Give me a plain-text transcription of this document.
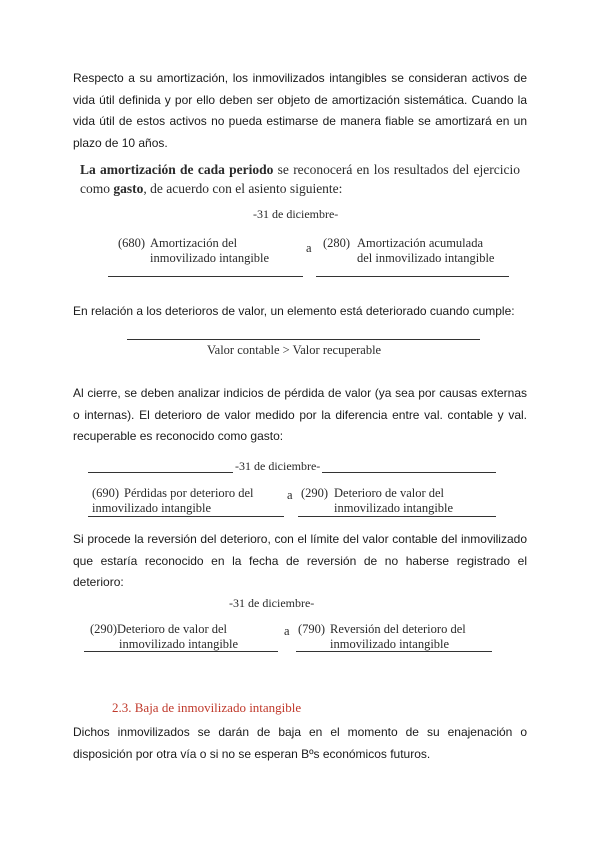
Respecto a su amortización, los inmovilizados intangibles se consideran activos de vida útil definida y por ello deben ser objeto de amortización sistemática. Cuando la vida útil de estos activos no pueda estimarse de manera fiable se amortizará en un plazo de 10 años.

La amortización de cada periodo se reconocerá en los resultados del ejercicio como gasto, de acuerdo con el asiento siguiente:
-31 de diciembre-
(680) Amortización del
inmovilizado intangible
a (280) Amortización acumulada
del inmovilizado intangible

En relación a los deterioros de valor, un elemento está deteriorado cuando cumple:

Valor contable > Valor recuperable

Al cierre, se deben analizar indicios de pérdida de valor (ya sea por causas externas o internas). El deterioro de valor medido por la diferencia entre val. contable y val. recuperable es reconocido como gasto:

-31 de diciembre-
(690) Pérdidas por deterioro del
inmovilizado intangible
a (290) Deterioro de valor del
inmovilizado intangible

Si procede la reversión del deterioro, con el límite del valor contable del inmovilizado que estaría reconocido en la fecha de reversión de no haberse registrado el deterioro:

-31 de diciembre-
(290) Deterioro de valor del
inmovilizado intangible
a (790) Reversión del deterioro del
inmovilizado intangible
2.3. Baja de inmovilizado intangible

Dichos inmovilizados se darán de baja en el momento de su enajenación o disposición por otra vía o si no se esperan Bºs económicos futuros.
